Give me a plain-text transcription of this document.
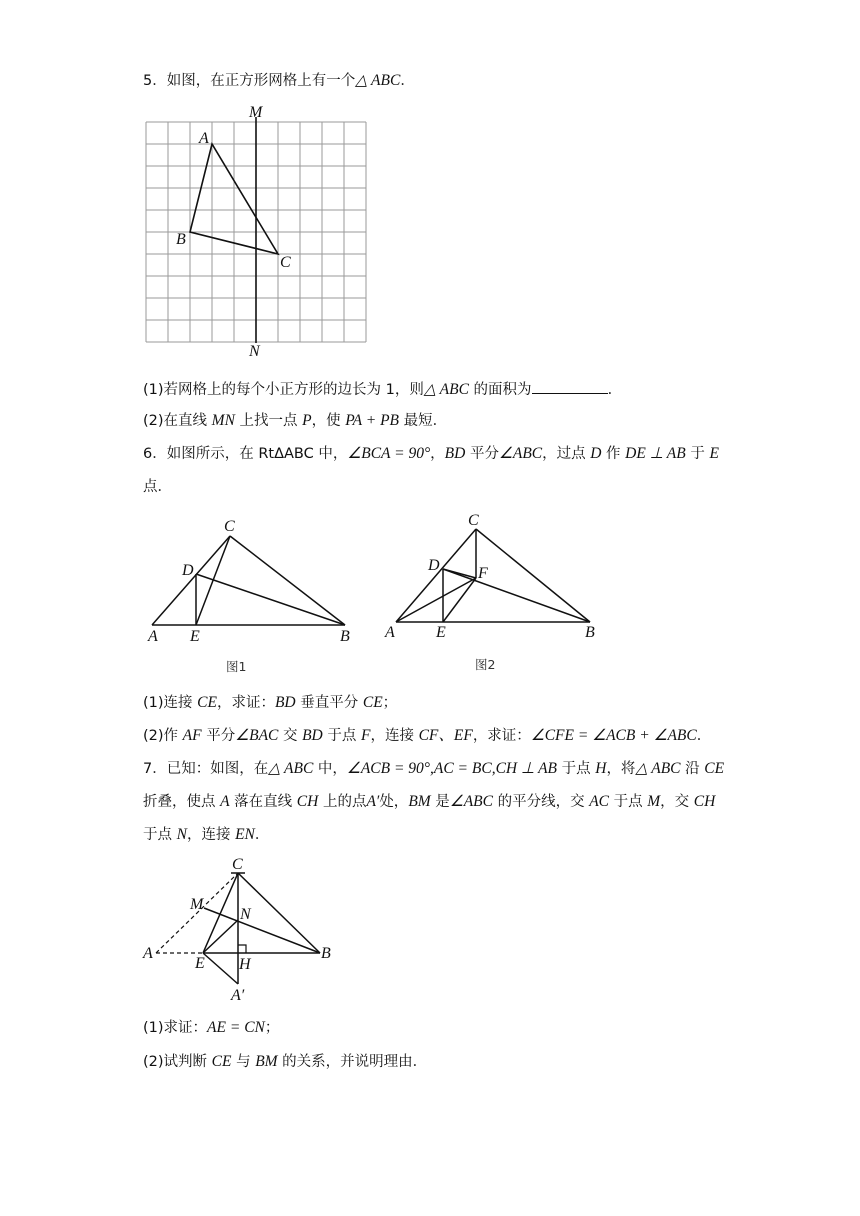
5．如图，在正方形网格上有一个△ ABC．
M
N
A
B
C
(1)若网格上的每个小正方形的边长为 1，则△ ABC 的面积为	．
(2)在直线 MN 上找一点 P，使 PA + PB 最短．
6．如图所示，在 RtΔABC 中，∠BCA = 90°，BD 平分∠ABC，过点 D 作 DE ⊥ AB 于 E
点．
C
D
A E	B
图1
C
D F
A	E	B
图2
(1)连接 CE，求证：BD 垂直平分 CE；
(2)作 AF 平分∠BAC 交 BD 于点 F，连接 CF、EF，求证：∠CFE = ∠ACB + ∠ABC．
7．已知：如图，在△ ABC 中，∠ACB = 90°,AC = BC,CH ⊥ AB 于点 H，将△ ABC 沿 CE
折叠，使点 A 落在直线 CH 上的点A′处，BM 是∠ABC 的平分线，交 AC 于点 M，交 CH
于点 N，连接 EN．
C
M
N
A
E H
B
A′
(1)求证：AE = CN；
(2)试判断 CE 与 BM 的关系，并说明理由．
